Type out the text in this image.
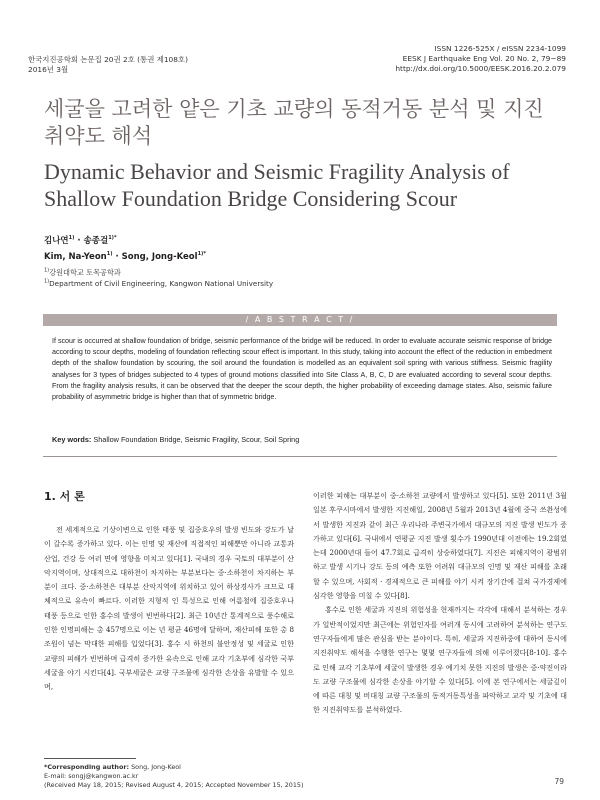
한국지진공학회 논문집 20권 2호 (통권 제108호)
2016년 3월
ISSN 1226-525X / eISSN 2234-1099
EESK J Earthquake Eng Vol. 20 No. 2, 79~89
http://dx.doi.org/10.5000/EESK.2016.20.2.079
세굴을 고려한 얕은 기초 교량의 동적거동 분석 및 지진 취약도 해석
Dynamic Behavior and Seismic Fragility Analysis of Shallow Foundation Bridge Considering Scour
김나연$^{1)}$ · 송종걸$^{1)*}$
Kim, Na-Yeon$^{1)}$ · Song, Jong-Keol$^{1)*}$
$^{1)}$강원대학교 토목공학과
$^{1)}$Department of Civil Engineering, Kangwon National University
/ A B S T R A C T /
If scour is occurred at shallow foundation of bridge, seismic performance of the bridge will be reduced. In order to evaluate accurate seismic response of bridge according to scour depths, modeling of foundation reflecting scour effect is important. In this study, taking into account the effect of the reduction in embedment depth of the shallow foundation by scouring, the soil around the foundation is modelled as an equivalent soil spring with various stiffness. Seismic fragility analyses for 3 types of bridges subjected to 4 types of ground motions classified into Site Class A, B, C, D are evaluated according to several scour depths. From the fragility analysis results, it can be observed that the deeper the scour depth, the higher probability of exceeding damage states. Also, seismic failure probability of asymmetric bridge is higher than that of symmetric bridge.
Key words: Shallow Foundation Bridge, Seismic Fragility, Scour, Soil Spring
1. 서 론

전 세계적으로 기상이변으로 인한 태풍 및 집중호우의 발생 빈도와 강도가 날이 갈수록 증가하고 있다. 이는 인명 및 재산에 직접적인 피해뿐만 아니라 교통과 산업, 건강 등 여러 면에 영향을 미치고 있다[1]. 국내의 경우 국토의 대부분이 산악지역이며, 상대적으로 대하천이 차지하는 부분보다는 중·소하천이 차지하는 부분이 크다. 중·소하천은 대부분 산악지역에 위치하고 있어 하상경사가 크므로 대체적으로 유속이 빠르다. 이러한 지형적 인 특성으로 인해 여름철에 집중호우나 태풍 등으로 인한 홍수의 발생이 빈번하다[2]. 최근 10년간 통계적으로 풍수해로 인한 인명피해는 총 457명으로 이는 년 평균 46명에 달하며, 재산피해 또한 총 8조원이 넘는 막대한 피해를 입었다[3]. 홍수 시 하천의 불안정성 및 세굴로 인한 교량의 피해가 빈번하며 급격히 증가한 유속으로 인해 교각 기초부에 심각한 국부세굴을 야기 시킨다[4]. 국부세굴은 교량 구조물에 심각한 손상을 유발할 수 있으며,

이러한 피해는 대부분이 중·소하천 교량에서 발생하고 있다[5]. 또한 2011년 3월 일본 후쿠시마에서 발생한 지진해일, 2008년 5월과 2013년 4월에 중국 쓰촨성에서 발생한 지진과 같이 최근 우리나라 주변국가에서 대규모의 지진 발생 빈도가 증가하고 있다[6]. 국내에서 연평균 지진 발생 횟수가 1990년대 이전에는 19.2회였는데 2000년대 들어 47.7회로 급격히 상승하였다[7]. 지진은 피해지역이 광범위하고 발생 시기나 강도 등의 예측 또한 어려워 대규모의 인명 및 재산 피해를 초래할 수 있으며, 사회적 · 경제적으로 큰 피해를 야기 시켜 장기간에 걸쳐 국가경제에 심각한 영향을 미칠 수 있다[8].

홍수로 인한 세굴과 지진의 위험성을 현재까지는 각각에 대해서 분석하는 경우가 일반적이었지만 최근에는 위험인자를 여러개 동시에 고려하여 분석하는 연구도 연구자들에게 많은 관심을 받는 분야이다. 특히, 세굴과 지진하중에 대하여 동시에 지진취약도 해석을 수행한 연구는 몇몇 연구자들에 의해 이루어졌다[8-10]. 홍수로 인해 교각 기초부에 세굴이 발생한 경우 예기치 못한 지진의 발생은 중·약진이라도 교량 구조물에 심각한 손상을 야기할 수 있다[5]. 이에 본 연구에서는 세굴깊이에 따른 대칭 및 비대칭 교량 구조물의 동적거동특성을 파악하고 교각 및 기초에 대한 지진취약도를 분석하였다.

*Corresponding author: Song, Jong-Keol
E-mail: songj@kangwon.ac.kr
(Received May 18, 2015; Revised August 4, 2015; Accepted November 15, 2015)	79
